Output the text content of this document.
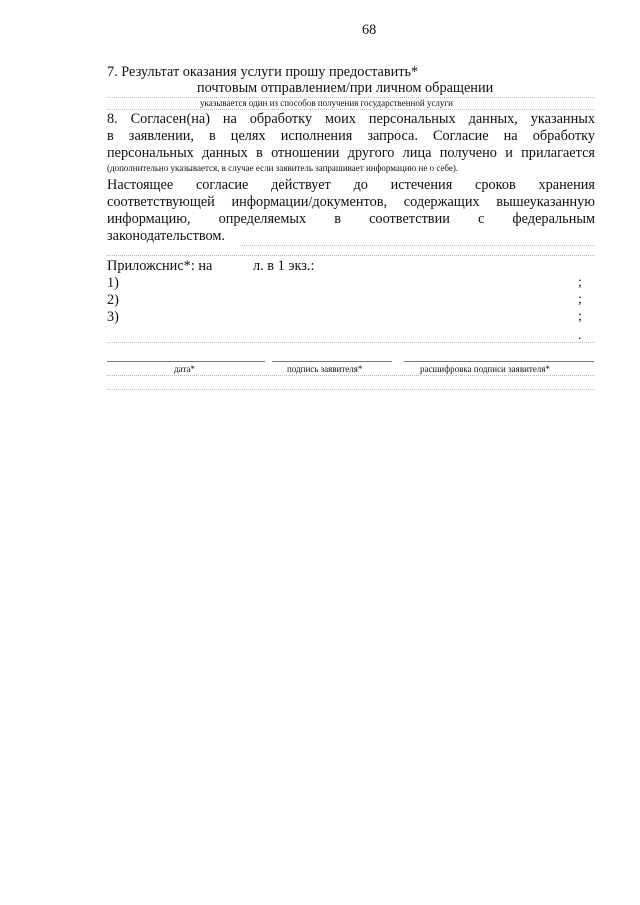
68
7. Результат оказания услуги прошу предоставить*
почтовым отправлением/при личном обращении
указывается один из способов получения государственной услуги
8. Согласен(на) на обработку моих персональных данных, указанных
в заявлении, в целях исполнения запроса. Согласие на обработку
персональных данных в отношении другого лица получено и прилагается
(дополнительно указывается, в случае если заявитель запрашивает информацию не о себе).
Настоящее согласие действует до истечения сроков хранения
соответствующей информации/документов, содержащих вышеуказанную
информацию, определяемых в соответствии с федеральным
законодательством.
Приложснис*: на	л. в 1 экз.:
1)
2)
3)
;
;
;
.
дата*	подпись заявителя*	расшифровка подписи заявителя*
